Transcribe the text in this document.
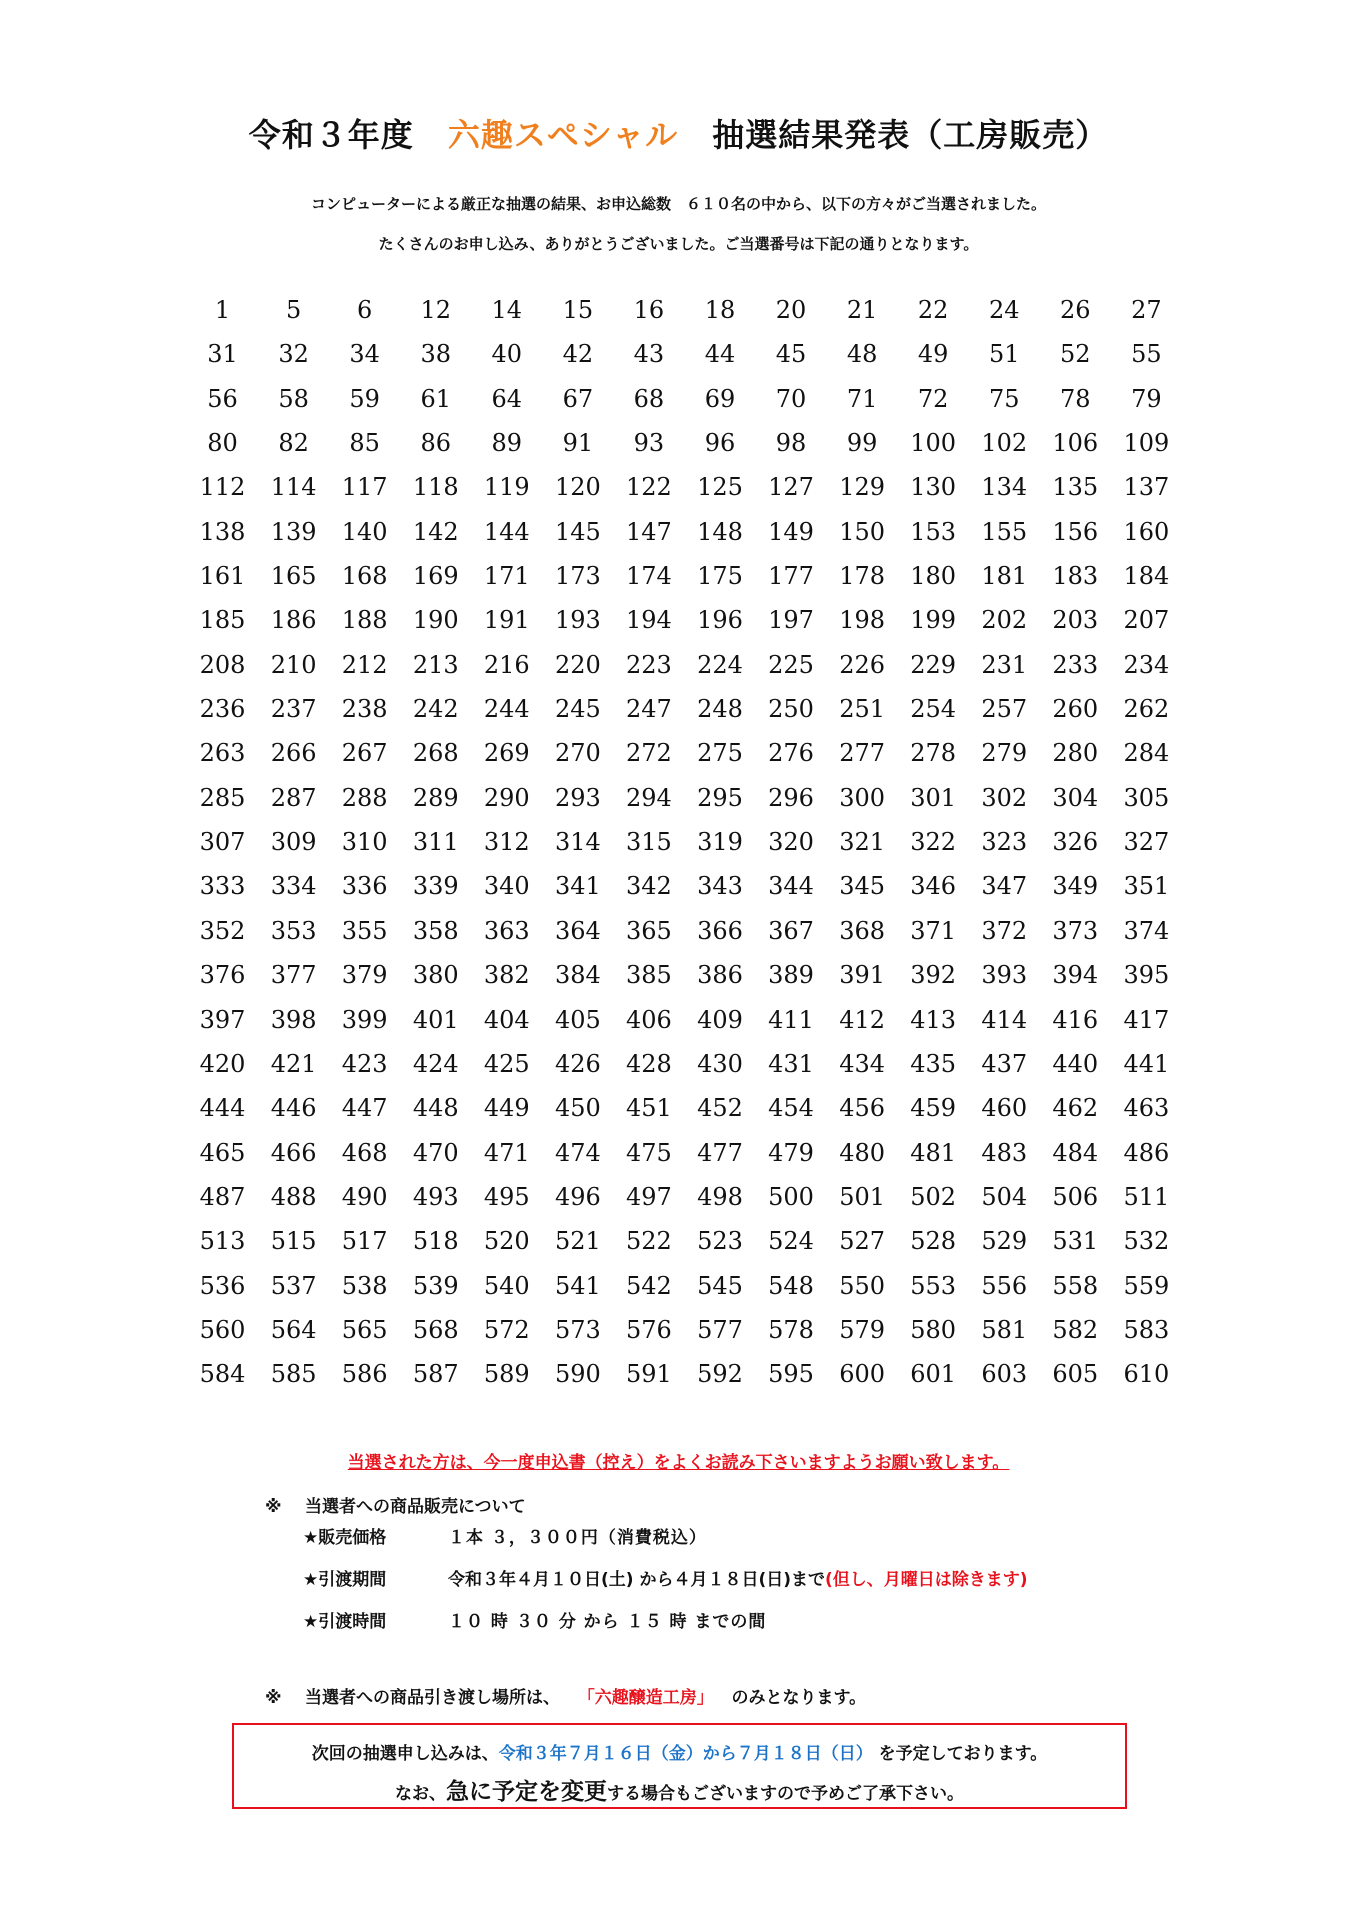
令和３年度 六趣スペシャル 抽選結果発表（工房販売）
コンピューターによる厳正な抽選の結果、お申込総数　６１０名の中から、以下の方々がご当選されました。
たくさんのお申し込み、ありがとうございました。ご当選番号は下記の通りとなります。
1	5	6	12	14	15	16	18	20	21	22	24	26	27
31	32	34	38	40	42	43	44	45	48	49	51	52	55
56	58	59	61	64	67	68	69	70	71	72	75	78	79
80	82	85	86	89	91	93	96	98	99	100	102	106	109
112	114	117	118	119	120	122	125	127	129	130	134	135	137
138	139	140	142	144	145	147	148	149	150	153	155	156	160
161	165	168	169	171	173	174	175	177	178	180	181	183	184
185	186	188	190	191	193	194	196	197	198	199	202	203	207
208	210	212	213	216	220	223	224	225	226	229	231	233	234
236	237	238	242	244	245	247	248	250	251	254	257	260	262
263	266	267	268	269	270	272	275	276	277	278	279	280	284
285	287	288	289	290	293	294	295	296	300	301	302	304	305
307	309	310	311	312	314	315	319	320	321	322	323	326	327
333	334	336	339	340	341	342	343	344	345	346	347	349	351
352	353	355	358	363	364	365	366	367	368	371	372	373	374
376	377	379	380	382	384	385	386	389	391	392	393	394	395
397	398	399	401	404	405	406	409	411	412	413	414	416	417
420	421	423	424	425	426	428	430	431	434	435	437	440	441
444	446	447	448	449	450	451	452	454	456	459	460	462	463
465	466	468	470	471	474	475	477	479	480	481	483	484	486
487	488	490	493	495	496	497	498	500	501	502	504	506	511
513	515	517	518	520	521	522	523	524	527	528	529	531	532
536	537	538	539	540	541	542	545	548	550	553	556	558	559
560	564	565	568	572	573	576	577	578	579	580	581	582	583
584	585	586	587	589	590	591	592	595	600	601	603	605	610
当選された方は、今一度申込書（控え）をよくお読み下さいますようお願い致します。
※ 当選者への商品販売について
★販売価格	１本 ３，３００円（消費税込）
★引渡期間	令和３年４月１０日(土) から４月１８日(日)まで(但し、月曜日は除きます)
★引渡時間	１０ 時 ３０ 分 から １５ 時 までの間
※ 当選者への商品引き渡し場所は、 「六趣醸造工房」 のみとなります。
次回の抽選申し込みは、令和３年７月１６日（金）から７月１８日（日） を予定しております。
なお、急に予定を変更する場合もございますので予めご了承下さい。
